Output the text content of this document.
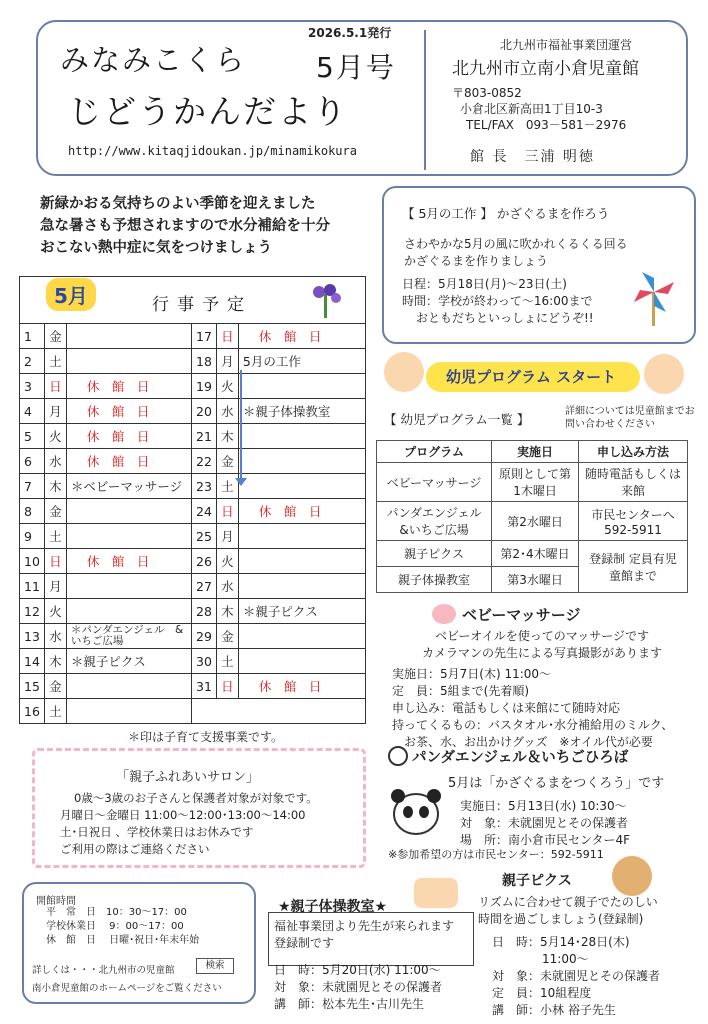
2026.5.1発行
みなみこくら 5月号
じどうかんだより
http://www.kitaqjidoukan.jp/minamikokura
北九州市福祉事業団運営
北九州市立南小倉児童館
〒803-0852
小倉北区新高田1丁目10-3
TEL/FAX　093－581－2976
館 長　三浦 明徳
新緑かおる気持ちのよい季節を迎えました
急な暑さも予想されますので水分補給を十分
おこない熱中症に気をつけましょう
5月	行事予定
1	金	
2	土	
3	日	休　館　日
4	月	休　館　日
5	火	休　館　日
6	水	休　館　日
7	木	＊ベビーマッサージ
8	金	
9	土	
10	日	休　館　日
11	月	
12	火	
13	水	＊パンダエンジェル　&いちご広場
14	木	＊親子ピクス
15	金	
16	土	
17	日	休　館　日
18	月	5月の工作
19	火	
20	水	＊親子体操教室
21	木	
22	金	
23	土	
24	日	休　館　日
25	月	
26	火	
27	水	
28	木	＊親子ピクス
29	金	
30	土	
31	日	休　館　日
＊印は子育て支援事業です。
【 5月の工作 】 かざぐるまを作ろう
さわやかな5月の風に吹かれくるくる回る
かざぐるまを作りましょう
日程：5月18日(月)～23日(土)
時間：学校が終わって～16:00まで
おともだちといっしょにどうぞ!!
幼児プログラム スタート
【 幼児プログラム一覧 】
詳細については児童館までお問い合わせください
プログラム	実施日	申し込み方法
ベビーマッサージ	原則として第1木曜日	随時電話もしくは来館
パンダエンジェル&いちご広場	第2水曜日	市民センターへ592-5911
親子ピクス	第2･4木曜日	登録制 定員有児童館まで
親子体操教室	第3水曜日	
ベビーマッサージ
ベビーオイルを使ってのマッサージです
カメラマンの先生による写真撮影があります
実施日：5月7日(木) 11:00～
定　員：5組まで(先着順)
申し込み：電話もしくは来館にて随時対応
持ってくるもの：バスタオル･水分補給用のミルク、
お茶、水、お出かけグッズ　※オイル代が必要
パンダエンジェル＆いちごひろば
5月は「かざぐるまをつくろう」です
実施日：5月13日(水) 10:30～
対　象：未就園児とその保護者
場　所：南小倉市民センター4F
※参加希望の方は市民センター：592-5911
「親子ふれあいサロン」
0歳～3歳のお子さんと保護者対象が対象です。
月曜日～金曜日 11:00～12:00･13:00～14:00
土･日祝日 、学校休業日はお休みです
ご利用の際はご連絡ください
開館時間
平　常　日　10：30～17：00
学校休業日　 9：00～17：00
休　館　日　 日曜･祝日･年末年始
詳しくは・・・北九州市の児童館	検索
南小倉児童館のホームページをご覧ください
★親子体操教室★
福祉事業団より先生が来られます
登録制です
日　時：5月20日(水) 11:00～
対　象：未就園児とその保護者
講　師：松本先生･古川先生
親子ピクス
リズムに合わせて親子でたのしい
時間を過ごしましょう(登録制)
日　時：5月14･28日(木)
11:00～
対　象：未就園児とその保護者
定　員：10組程度
講　師：小林 裕子先生
